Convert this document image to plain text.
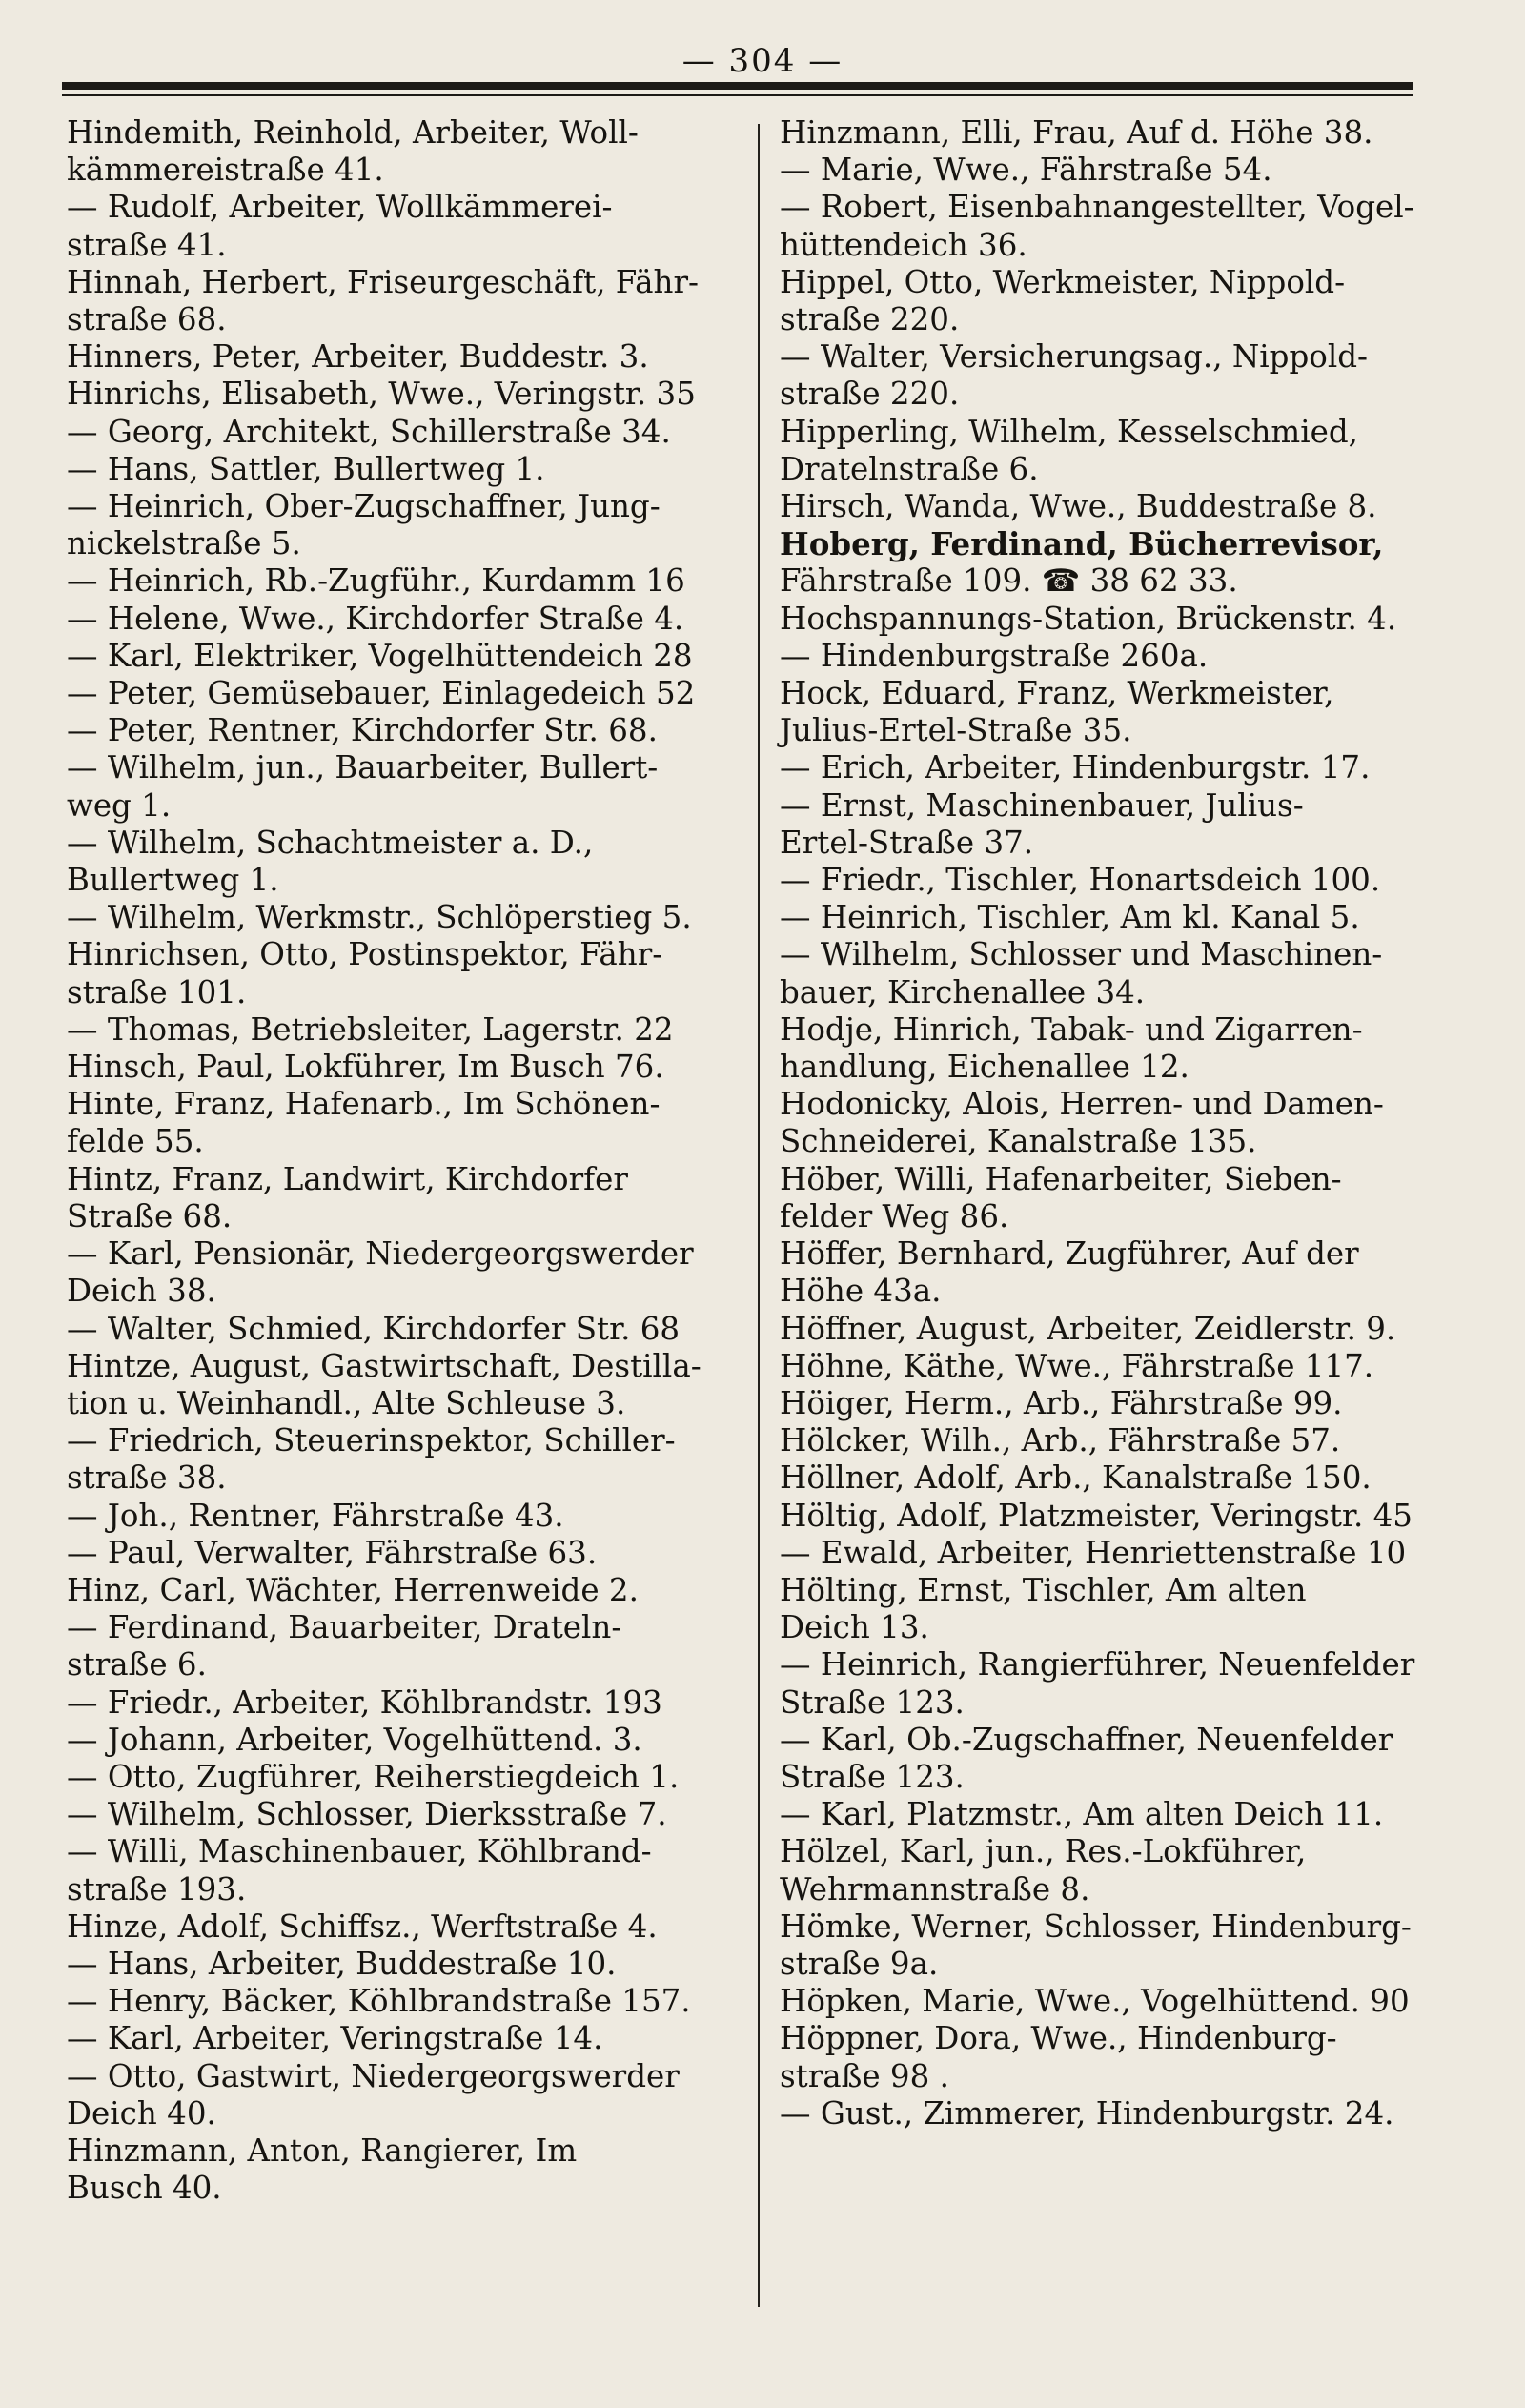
— 304 —
Hindemith, Reinhold, Arbeiter, Woll-
kämmereistraße 41.
— Rudolf, Arbeiter, Wollkämmerei-
straße 41.
Hinnah, Herbert, Friseurgeschäft, Fähr-
straße 68.
Hinners, Peter, Arbeiter, Buddestr. 3.
Hinrichs, Elisabeth, Wwe., Veringstr. 35
— Georg, Architekt, Schillerstraße 34.
— Hans, Sattler, Bullertweg 1.
— Heinrich, Ober-Zugschaffner, Jung-
nickelstraße 5.
— Heinrich, Rb.-Zugführ., Kurdamm 16
— Helene, Wwe., Kirchdorfer Straße 4.
— Karl, Elektriker, Vogelhüttendeich 28
— Peter, Gemüsebauer, Einlagedeich 52
— Peter, Rentner, Kirchdorfer Str. 68.
— Wilhelm, jun., Bauarbeiter, Bullert-
weg 1.
— Wilhelm, Schachtmeister a. D.,
Bullertweg 1.
— Wilhelm, Werkmstr., Schlöperstieg 5.
Hinrichsen, Otto, Postinspektor, Fähr-
straße 101.
— Thomas, Betriebsleiter, Lagerstr. 22
Hinsch, Paul, Lokführer, Im Busch 76.
Hinte, Franz, Hafenarb., Im Schönen-
felde 55.
Hintz, Franz, Landwirt, Kirchdorfer
Straße 68.
— Karl, Pensionär, Niedergeorgswerder
Deich 38.
— Walter, Schmied, Kirchdorfer Str. 68
Hintze, August, Gastwirtschaft, Destilla-
tion u. Weinhandl., Alte Schleuse 3.
— Friedrich, Steuerinspektor, Schiller-
straße 38.
— Joh., Rentner, Fährstraße 43.
— Paul, Verwalter, Fährstraße 63.
Hinz, Carl, Wächter, Herrenweide 2.
— Ferdinand, Bauarbeiter, Drateln-
straße 6.
— Friedr., Arbeiter, Köhlbrandstr. 193
— Johann, Arbeiter, Vogelhüttend. 3.
— Otto, Zugführer, Reiherstiegdeich 1.
— Wilhelm, Schlosser, Dierksstraße 7.
— Willi, Maschinenbauer, Köhlbrand-
straße 193.
Hinze, Adolf, Schiffsz., Werftstraße 4.
— Hans, Arbeiter, Buddestraße 10.
— Henry, Bäcker, Köhlbrandstraße 157.
— Karl, Arbeiter, Veringstraße 14.
— Otto, Gastwirt, Niedergeorgswerder
Deich 40.
Hinzmann, Anton, Rangierer, Im
Busch 40.
Hinzmann, Elli, Frau, Auf d. Höhe 38.
— Marie, Wwe., Fährstraße 54.
— Robert, Eisenbahnangestellter, Vogel-
hüttendeich 36.
Hippel, Otto, Werkmeister, Nippold-
straße 220.
— Walter, Versicherungsag., Nippold-
straße 220.
Hipperling, Wilhelm, Kesselschmied,
Dratelnstraße 6.
Hirsch, Wanda, Wwe., Buddestraße 8.
Hoberg, Ferdinand, Bücherrevisor,
Fährstraße 109. ☎ 38 62 33.
Hochspannungs-Station, Brückenstr. 4.
— Hindenburgstraße 260a.
Hock, Eduard, Franz, Werkmeister,
Julius-Ertel-Straße 35.
— Erich, Arbeiter, Hindenburgstr. 17.
— Ernst, Maschinenbauer, Julius-
Ertel-Straße 37.
— Friedr., Tischler, Honartsdeich 100.
— Heinrich, Tischler, Am kl. Kanal 5.
— Wilhelm, Schlosser und Maschinen-
bauer, Kirchenallee 34.
Hodje, Hinrich, Tabak- und Zigarren-
handlung, Eichenallee 12.
Hodonicky, Alois, Herren- und Damen-
Schneiderei, Kanalstraße 135.
Höber, Willi, Hafenarbeiter, Sieben-
felder Weg 86.
Höffer, Bernhard, Zugführer, Auf der
Höhe 43a.
Höffner, August, Arbeiter, Zeidlerstr. 9.
Höhne, Käthe, Wwe., Fährstraße 117.
Höiger, Herm., Arb., Fährstraße 99.
Hölcker, Wilh., Arb., Fährstraße 57.
Höllner, Adolf, Arb., Kanalstraße 150.
Höltig, Adolf, Platzmeister, Veringstr. 45
— Ewald, Arbeiter, Henriettenstraße 10
Hölting, Ernst, Tischler, Am alten
Deich 13.
— Heinrich, Rangierführer, Neuenfelder
Straße 123.
— Karl, Ob.-Zugschaffner, Neuenfelder
Straße 123.
— Karl, Platzmstr., Am alten Deich 11.
Hölzel, Karl, jun., Res.-Lokführer,
Wehrmannstraße 8.
Hömke, Werner, Schlosser, Hindenburg-
straße 9a.
Höpken, Marie, Wwe., Vogelhüttend. 90
Höppner, Dora, Wwe., Hindenburg-
straße 98 .
— Gust., Zimmerer, Hindenburgstr. 24.
